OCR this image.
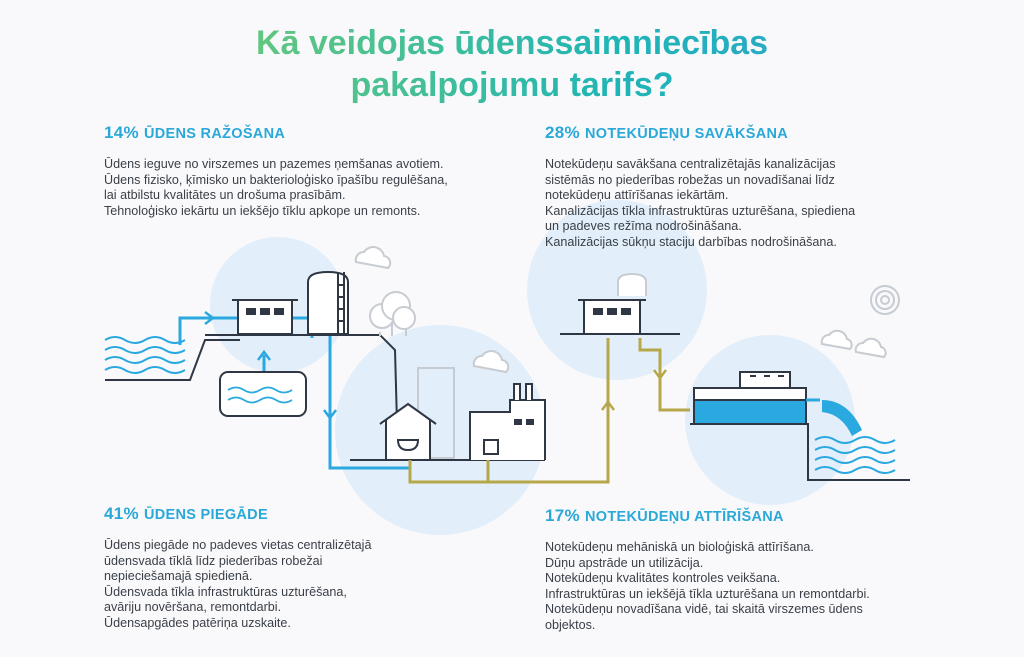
Kā veidojas ūdenssaimniecības
pakalpojumu tarifs?
14% ŪDENS RAŽOŠANA
Ūdens ieguve no virszemes un pazemes ņemšanas avotiem.
Ūdens fizisko, ķīmisko un bakterioloģisko īpašību regulēšana,
lai atbilstu kvalitātes un drošuma prasībām.
Tehnoloģisko iekārtu un iekšējo tīklu apkope un remonts.
28% NOTEKŪDEŅU SAVĀKŠANA
Notekūdeņu savākšana centralizētajās kanalizācijas
sistēmās no piederības robežas un novadīšanai līdz
notekūdeņu attīrīšanas iekārtām.
Kanalizācijas tīkla infrastruktūras uzturēšana, spiediena
un padeves režīma nodrošināšana.
Kanalizācijas sūkņu staciju darbības nodrošināšana.
41% ŪDENS PIEGĀDE
Ūdens piegāde no padeves vietas centralizētajā
ūdensvada tīklā līdz piederības robežai
nepieciešamajā spiedienā.
Ūdensvada tīkla infrastruktūras uzturēšana,
avāriju novēršana, remontdarbi.
Ūdensapgādes patēriņa uzskaite.
17% NOTEKŪDEŅU ATTĪRĪŠANA
Notekūdeņu mehāniskā un bioloģiskā attīrīšana.
Dūņu apstrāde un utilizācija.
Notekūdeņu kvalitātes kontroles veikšana.
Infrastruktūras un iekšējā tīkla uzturēšana un remontdarbi.
Notekūdeņu novadīšana vidē, tai skaitā virszemes ūdens
objektos.
